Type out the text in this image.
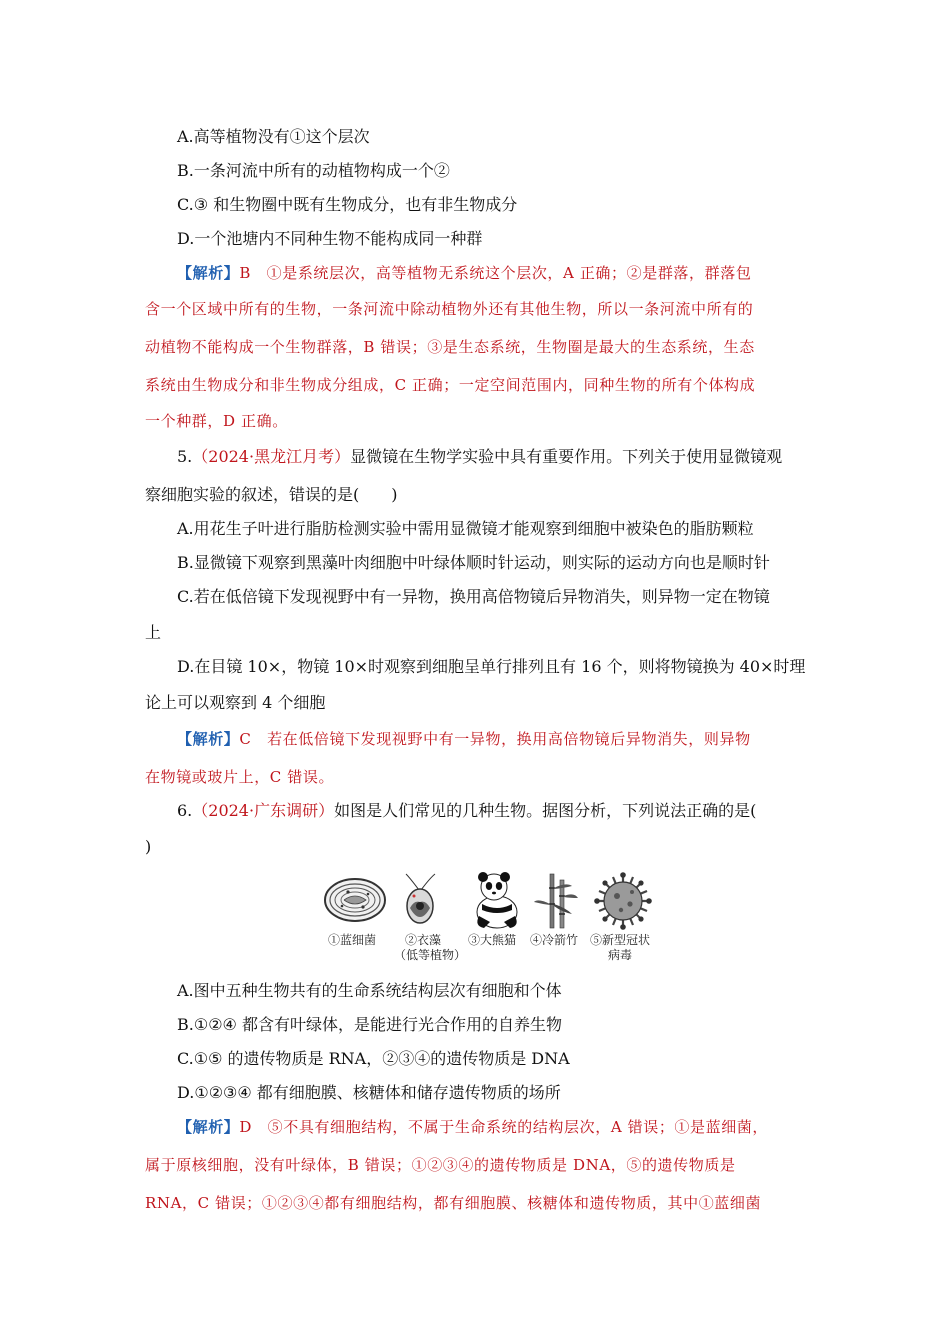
A.高等植物没有①这个层次
B.一条河流中所有的动植物构成一个②
C.③ 和生物圈中既有生物成分，也有非生物成分
D.一个池塘内不同种生物不能构成同一种群
【解析】B　①是系统层次，高等植物无系统这个层次，A 正确；②是群落，群落包
含一个区域中所有的生物，一条河流中除动植物外还有其他生物，所以一条河流中所有的
动植物不能构成一个生物群落，B 错误；③是生态系统，生物圈是最大的生态系统，生态
系统由生物成分和非生物成分组成，C 正确；一定空间范围内，同种生物的所有个体构成
一个种群，D 正确。
5.（2024·黑龙江月考）显微镜在生物学实验中具有重要作用。下列关于使用显微镜观
察细胞实验的叙述，错误的是(　　)
A.用花生子叶进行脂肪检测实验中需用显微镜才能观察到细胞中被染色的脂肪颗粒
B.显微镜下观察到黑藻叶肉细胞中叶绿体顺时针运动，则实际的运动方向也是顺时针
C.若在低倍镜下发现视野中有一异物，换用高倍物镜后异物消失，则异物一定在物镜
上
D.在目镜 10×，物镜 10×时观察到细胞呈单行排列且有 16 个，则将物镜换为 40×时理
论上可以观察到 4 个细胞
【解析】C　若在低倍镜下发现视野中有一异物，换用高倍物镜后异物消失，则异物
在物镜或玻片上，C 错误。
6.（2024·广东调研）如图是人们常见的几种生物。据图分析，下列说法正确的是(
)
①蓝细菌 ②衣藻
（低等植物）
③大熊猫 ④冷箭竹 ⑤新型冠状
病毒
A.图中五种生物共有的生命系统结构层次有细胞和个体
B.①②④ 都含有叶绿体，是能进行光合作用的自养生物
C.①⑤ 的遗传物质是 RNA，②③④的遗传物质是 DNA
D.①②③④ 都有细胞膜、核糖体和储存遗传物质的场所
【解析】D　⑤不具有细胞结构，不属于生命系统的结构层次，A 错误；①是蓝细菌，
属于原核细胞，没有叶绿体，B 错误；①②③④的遗传物质是 DNA，⑤的遗传物质是
RNA，C 错误；①②③④都有细胞结构，都有细胞膜、核糖体和遗传物质，其中①蓝细菌
